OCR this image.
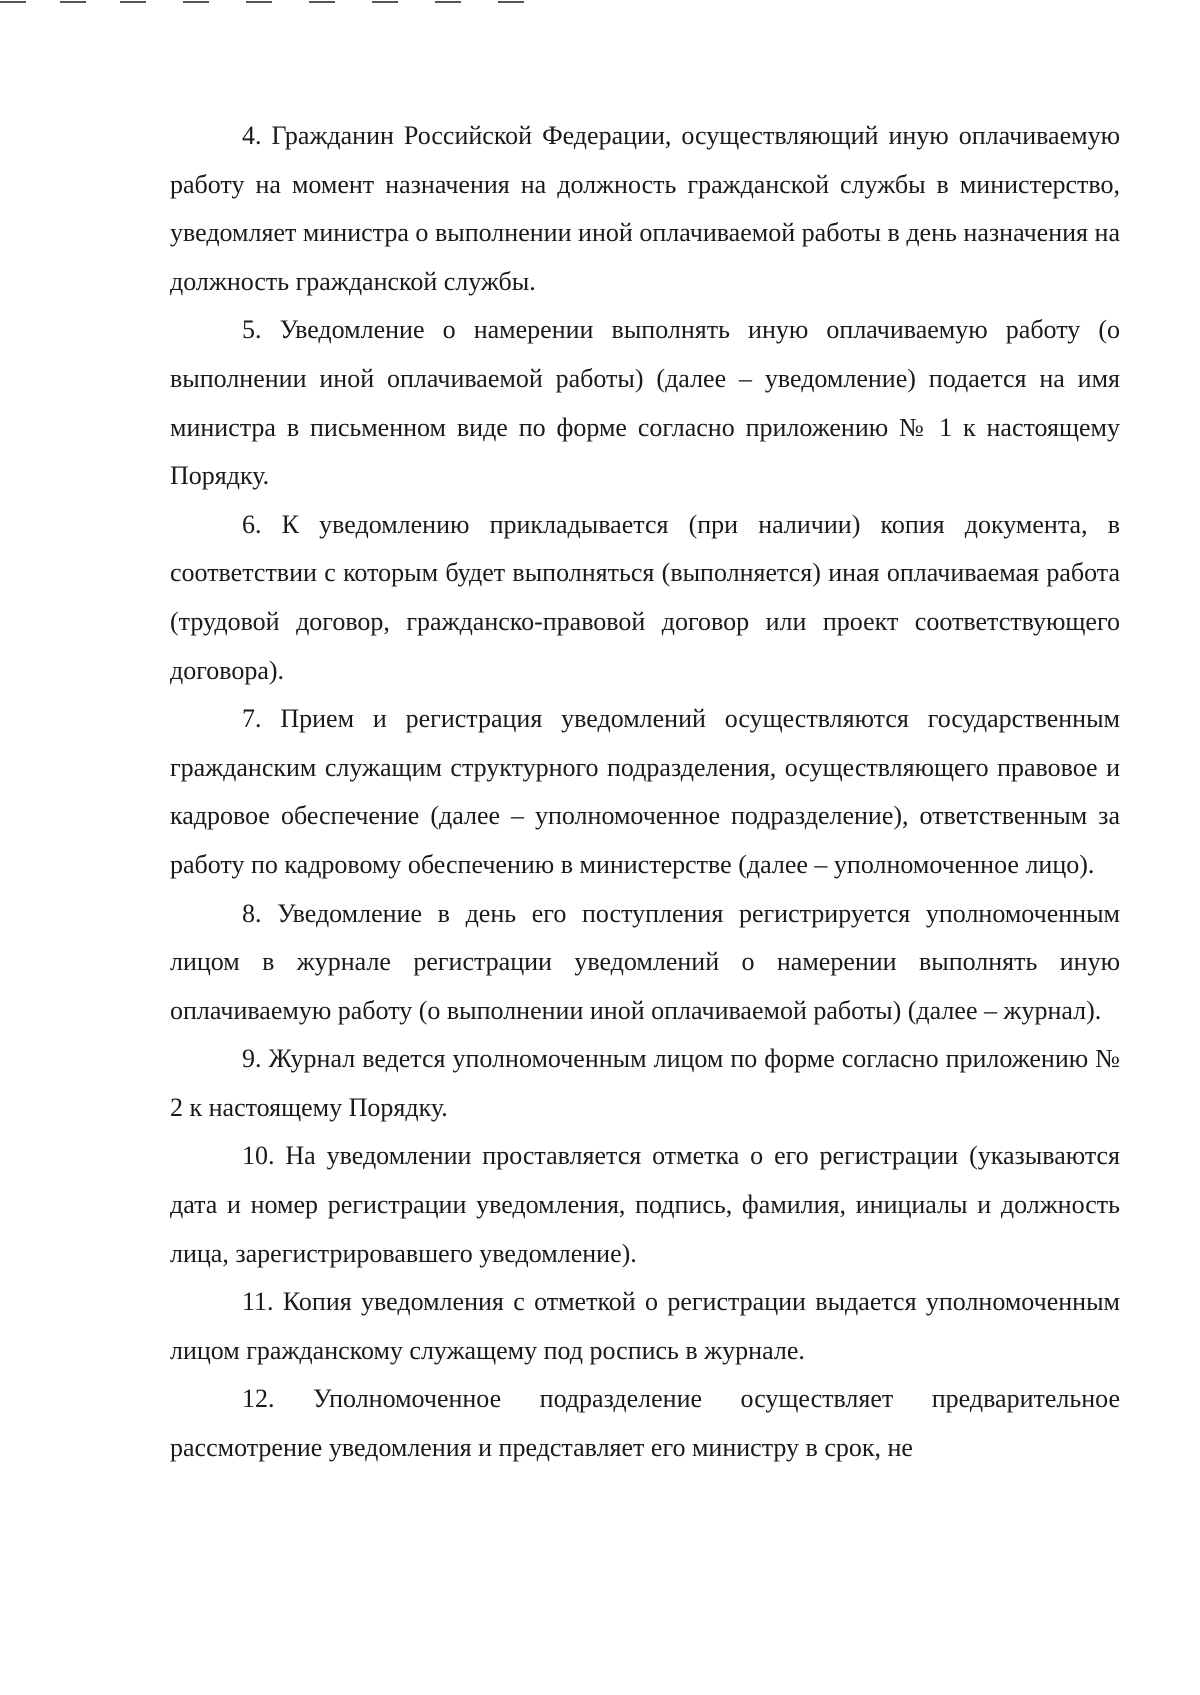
4. Гражданин Российской Федерации, осуществляющий иную оплачиваемую работу на момент назначения на должность гражданской службы в министерство, уведомляет министра о выполнении иной оплачиваемой работы в день назначения на должность гражданской службы.

5. Уведомление о намерении выполнять иную оплачиваемую работу (о выполнении иной оплачиваемой работы) (далее – уведомление) подается на имя министра в письменном виде по форме согласно приложению № 1 к настоящему Порядку.

6. К уведомлению прикладывается (при наличии) копия документа, в соответствии с которым будет выполняться (выполняется) иная оплачиваемая работа (трудовой договор, гражданско-правовой договор или проект соответствующего договора).

7. Прием и регистрация уведомлений осуществляются государственным гражданским служащим структурного подразделения, осуществляющего правовое и кадровое обеспечение (далее – уполномоченное подразделение), ответственным за работу по кадровому обеспечению в министерстве (далее – уполномоченное лицо).

8. Уведомление в день его поступления регистрируется уполномоченным лицом в журнале регистрации уведомлений о намерении выполнять иную оплачиваемую работу (о выполнении иной оплачиваемой работы) (далее – журнал).

9. Журнал ведется уполномоченным лицом по форме согласно приложению № 2 к настоящему Порядку.

10. На уведомлении проставляется отметка о его регистрации (указываются дата и номер регистрации уведомления, подпись, фамилия, инициалы и должность лица, зарегистрировавшего уведомление).

11. Копия уведомления с отметкой о регистрации выдается уполномоченным лицом гражданскому служащему под роспись в журнале.

12. Уполномоченное подразделение осуществляет предварительное рассмотрение уведомления и представляет его министру в срок, не
